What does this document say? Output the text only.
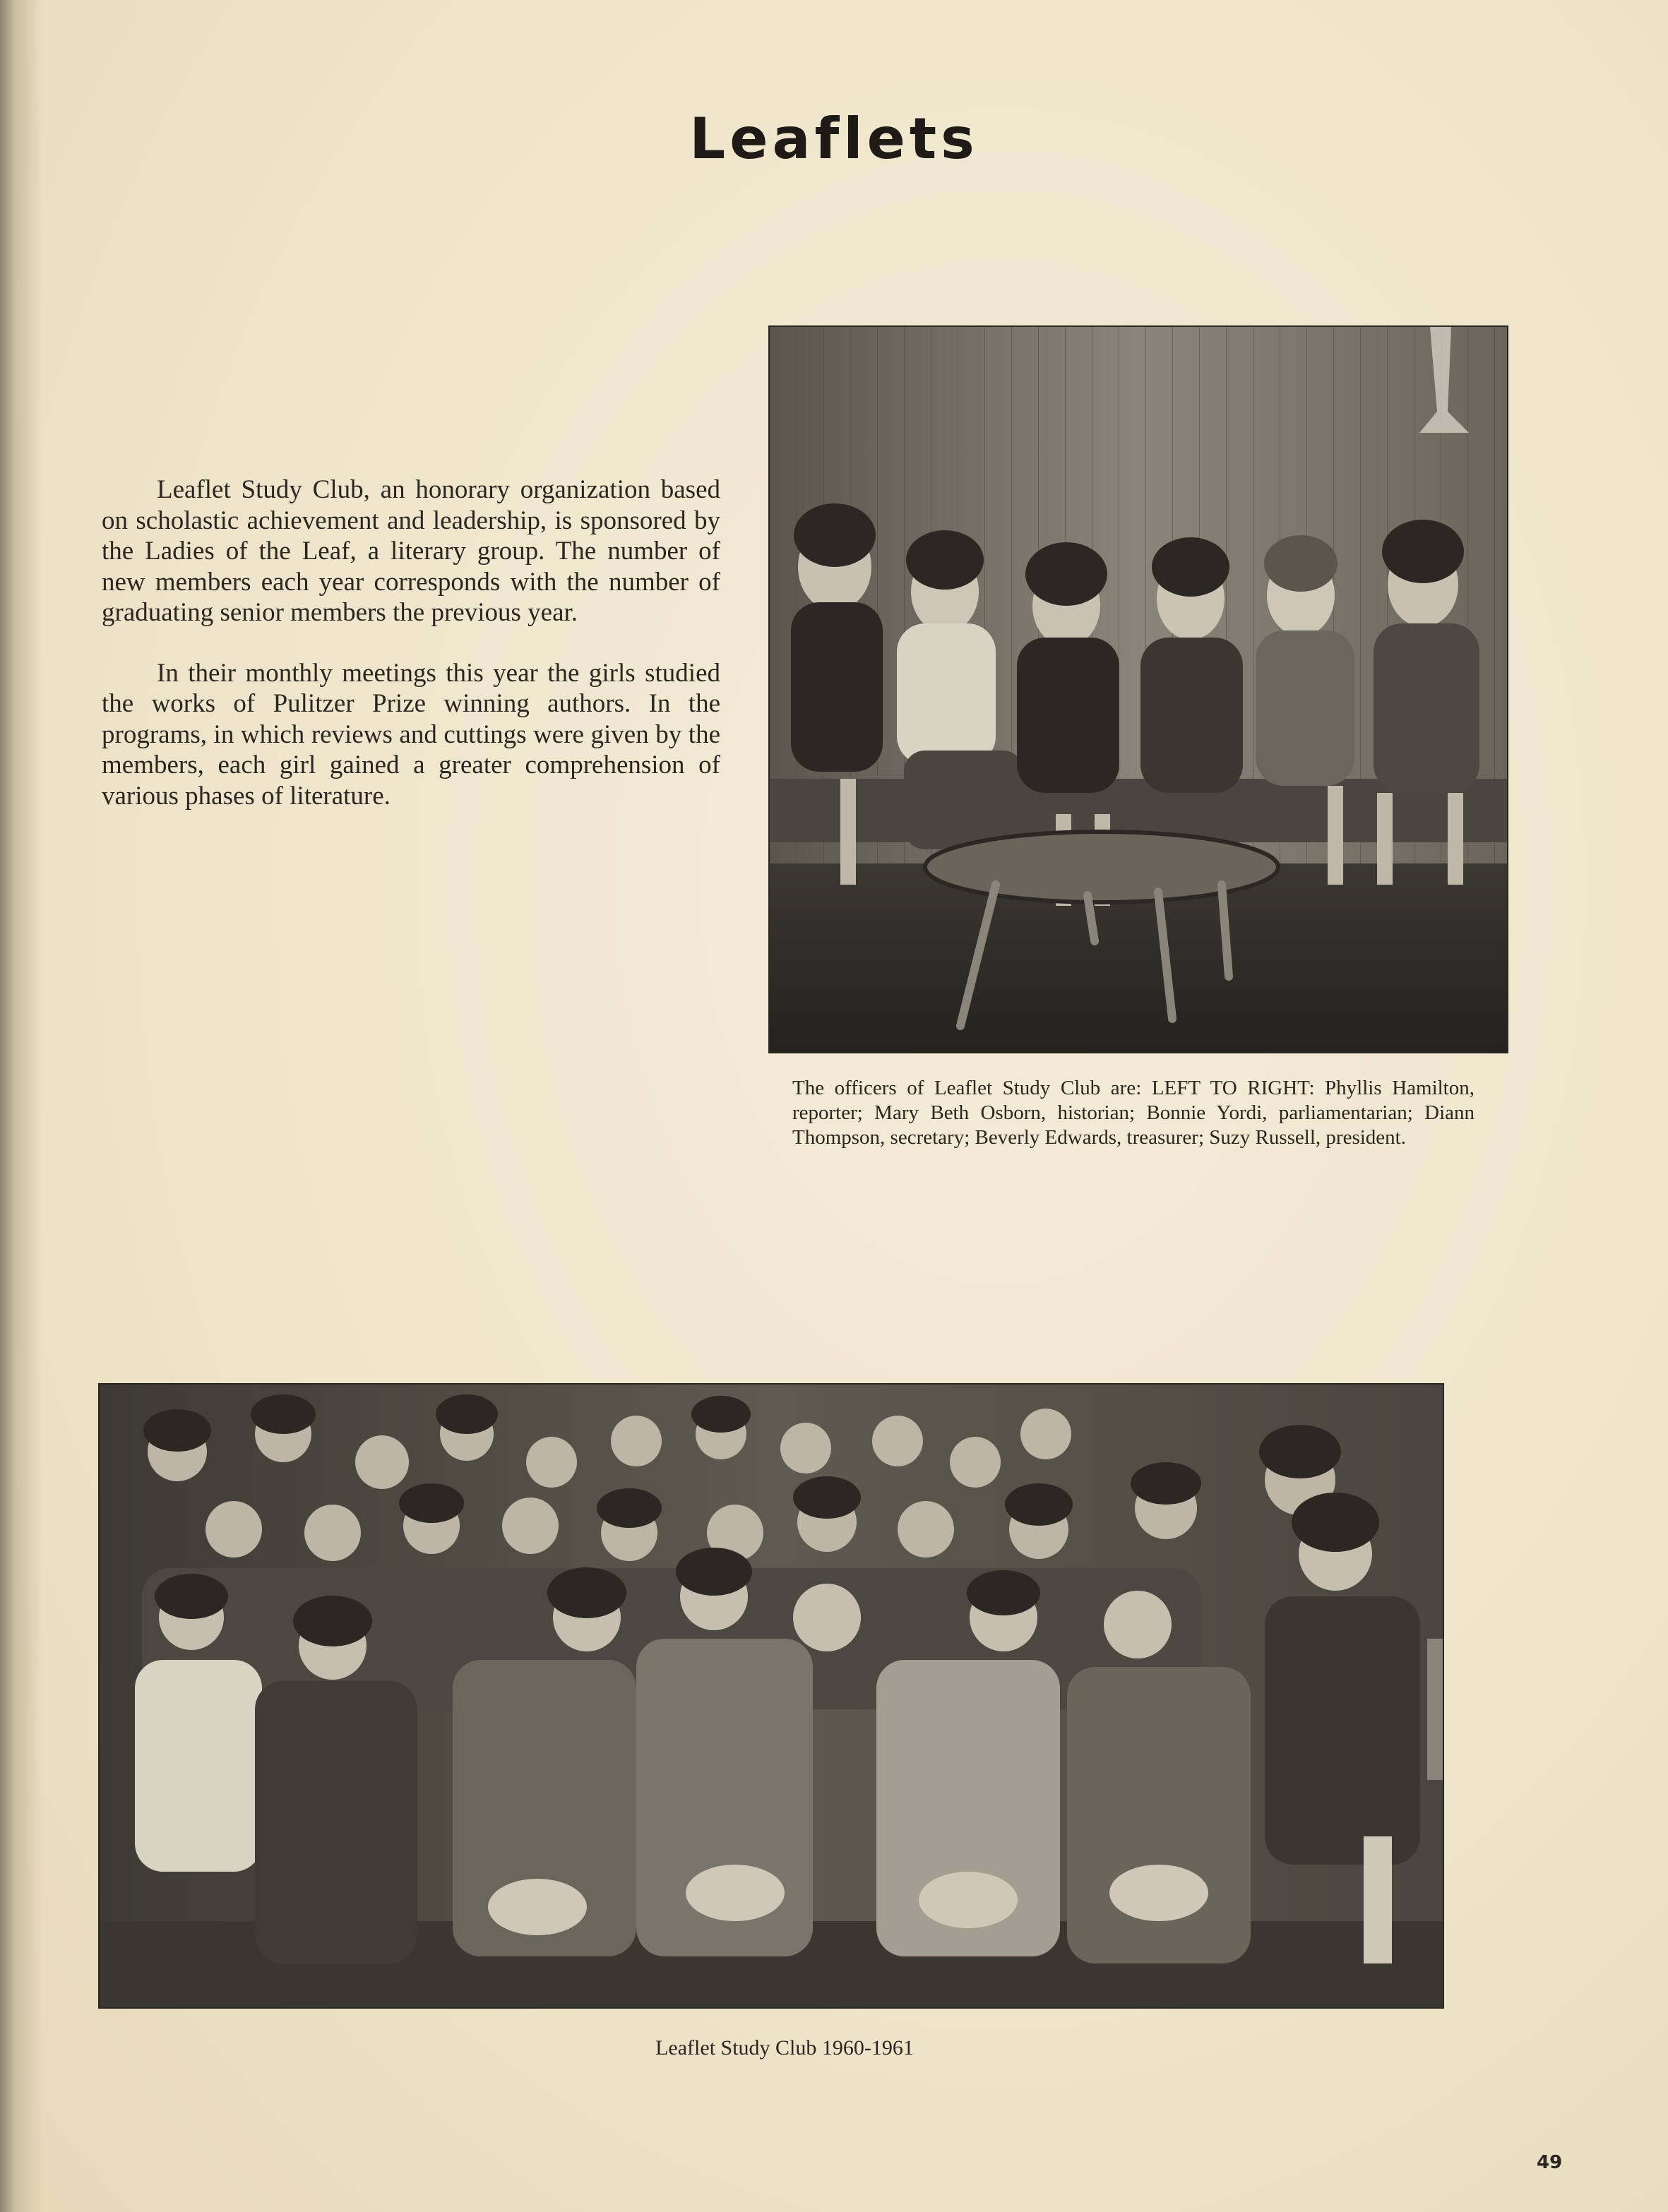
Leaflets

Leaflet Study Club, an honorary organization based on scholastic achievement and leadership, is sponsored by the Ladies of the Leaf, a literary group. The number of new members each year corresponds with the number of graduating senior members the previous year.

In their monthly meetings this year the girls studied the works of Pulitzer Prize winning authors. In the programs, in which reviews and cuttings were given by the members, each girl gained a greater comprehension of various phases of literature.

The officers of Leaflet Study Club are: LEFT TO RIGHT: Phyllis Hamilton, reporter; Mary Beth Osborn, historian; Bonnie Yordi, parliamentarian; Diann Thompson, secretary; Beverly Edwards, treasurer; Suzy Russell, president.
Leaflet Study Club 1960-1961
49
